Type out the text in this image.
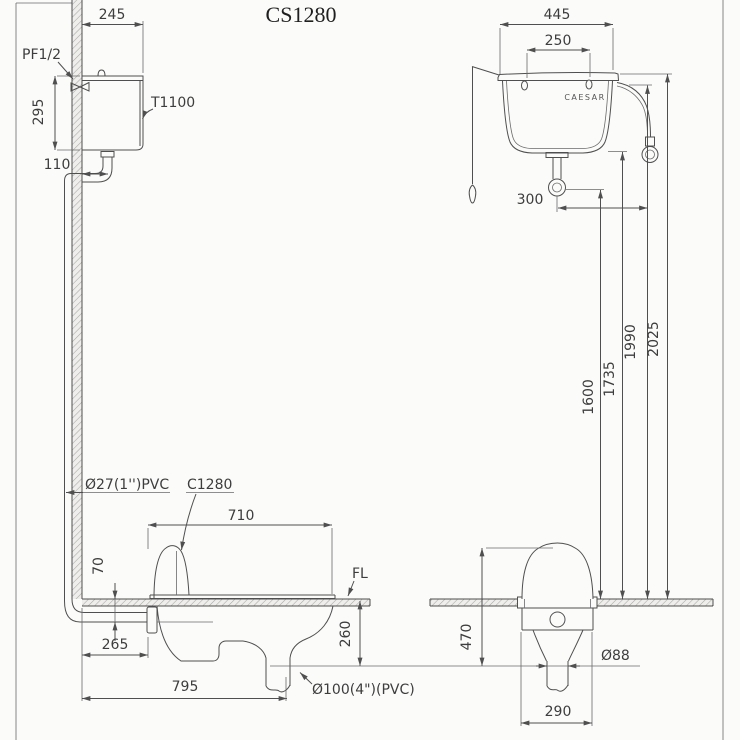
CS1280
PF1/2
245
T1100
295
110
Ø27(1'')PVC C1280
710
70	FL
265	260
795	Ø100(4")(PVC)
445
250
CAESAR
300
1600
1735
1990 2025
470
Ø88
290
